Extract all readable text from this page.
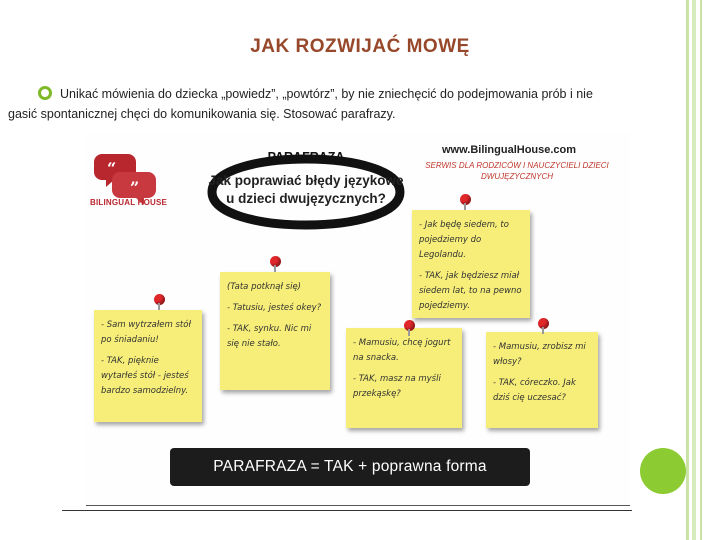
JAK ROZWIJAĆ MOWĘ
Unikać mówienia do dziecka „powiedz”, „powtórz”, by nie zniechęcić do podejmowania prób i nie
gasić spontanicznej chęci do komunikowania się. Stosować parafrazy.
“
”
BILINGUAL HOUSE
PARAFRAZA
Jak poprawiać błędy językowe u dzieci dwujęzycznych?
www.BilingualHouse.com
SERWIS DLA RODZICÓW I NAUCZYCIELI DZIECI DWUJĘZYCZNYCH

- Sam wytrzałem stół po śniadaniu!

- TAK, pięknie wytarłeś stół - jesteś bardzo samodzielny.

(Tata potknął się)

- Tatusiu, jesteś okey?

- TAK, synku. Nic mi się nie stało.	- Mamusiu, chcę jogurt na snacka.

- TAK, masz na myśli przekąskę?

- Jak będę siedem, to pojedziemy do Legolandu.

- TAK, jak będziesz miał siedem lat, to na pewno pojedziemy.

- Mamusiu, zrobisz mi włosy?

- TAK, córeczko. Jak dziś cię uczesać?

PARAFRAZA = TAK + poprawna forma
